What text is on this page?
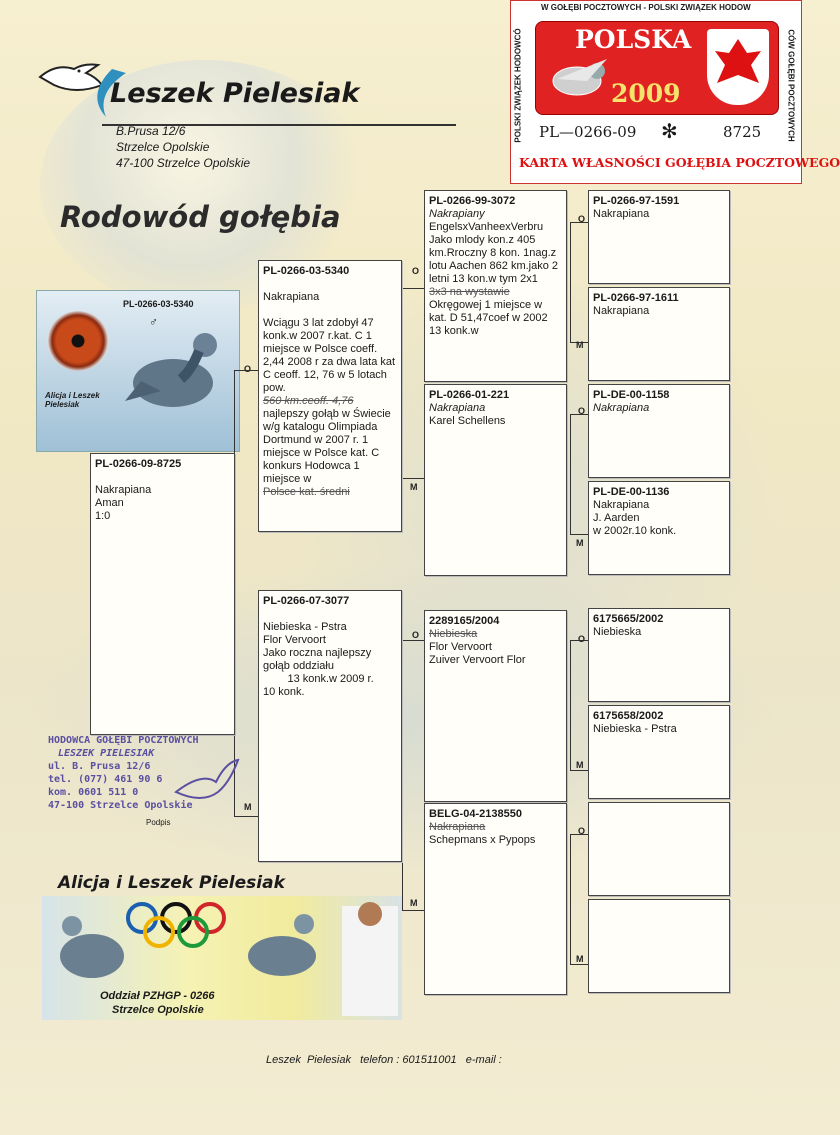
Leszek Pielesiak
B.Prusa 12/6
Strzelce Opolskie
47-100 Strzelce Opolskie
Rodowód gołębia
W GOŁĘBI POCZTOWYCH - POLSKI ZWIĄZEK HODOW
POLSKI ZWIĄZEK HODOWCÓ	CÓW GOŁĘBI POCZTOWYCH
POLSKA
2009
PL—0266-09 ✻	8725
KARTA WŁASNOŚCI GOŁĘBIA POCZTOWEGO
PL-0266-03-5340
♂
Alicja i Leszek Pielesiak
O
M
O
M
O
M
O
M
O
M
O
M
O
M
PL-0266-09-8725

Nakrapiana
Aman
1:0
PL-0266-03-5340

Nakrapiana

Wciągu 3 lat zdobył 47 konk.w 2007 r.kat. C 1 miejsce w Polsce coeff. 2,44 2008 r za dwa lata kat C ceoff. 12, 76 w 5 lotach pow.
560 km.ceoff. 4,76
najlepszy gołąb w Świecie w/g katalogu Olimpiada Dortmund w 2007 r. 1 miejsce w Polsce kat. C konkurs Hodowca 1 miejsce w
Polsce kat. średni
PL-0266-07-3077

Niebieska - Pstra
Flor Vervoort
Jako roczna najlepszy gołąb oddziału
13 konk.w 2009 r.
10 konk.
PL-0266-99-3072
Nakrapiany
EngelsxVanheexVerbru
Jako mlody kon.z 405 km.Rroczny 8 kon. 1nag.z lotu Aachen 862 km.jako 2 letni 13 kon.w tym 2x1
3x3 na wystawie
Okręgowej 1 miejsce w kat. D 51,47coef w 2002 13 konk.w
PL-0266-01-221
Nakrapiana
Karel Schellens
2289165/2004
Niebieska
Flor Vervoort
Zuiver Vervoort Flor
BELG-04-2138550
Nakrapiana
Schepmans x Pypops
PL-0266-97-1591
Nakrapiana
PL-0266-97-1611
Nakrapiana
PL-DE-00-1158
Nakrapiana
PL-DE-00-1136
Nakrapiana
J. Aarden
w 2002r.10 konk.
6175665/2002
Niebieska
6175658/2002
Niebieska - Pstra
HODOWCA GOŁĘBI POCZTOWYCH
LESZEK PIELESIAK
ul. B. Prusa 12/6
tel. (077) 461 90 6
kom. 0601 511 0
47-100 Strzelce Opolskie
Podpis
Alicja i Leszek Pielesiak
Oddział PZHGP - 0266
Strzelce Opolskie
Leszek  Pielesiak   telefon : 601511001   e-mail :
